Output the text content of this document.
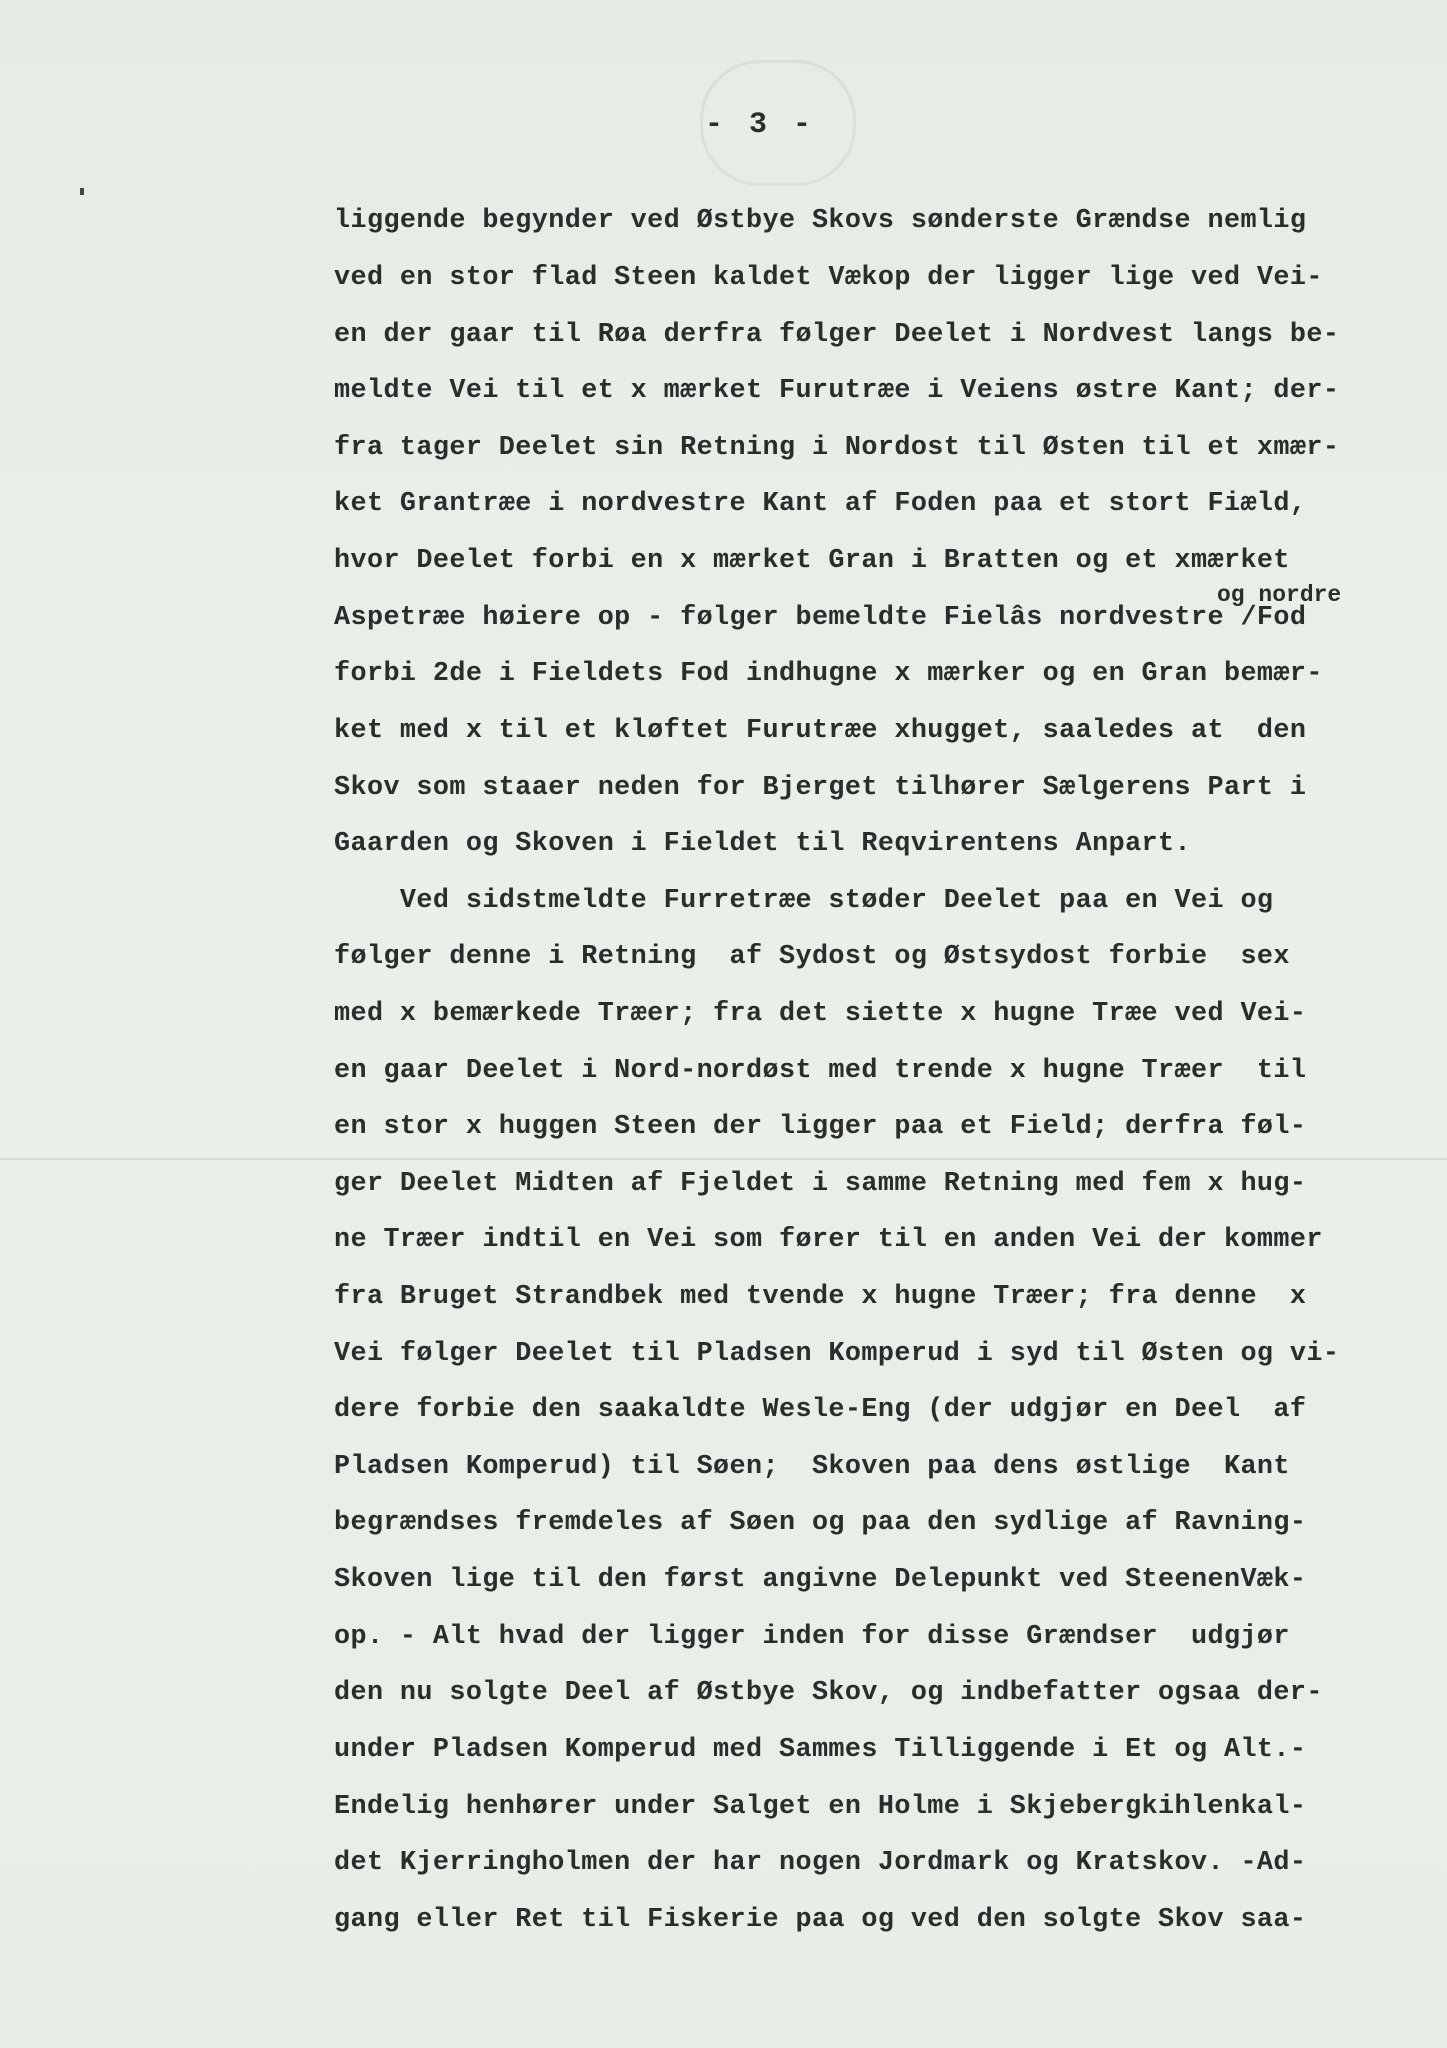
- 3 -
og nordre
liggende begynder ved Østbye Skovs sønderste Grændse nemlig
ved en stor flad Steen kaldet Vækop der ligger lige ved Vei-
en der gaar til Røa derfra følger Deelet i Nordvest langs be-
meldte Vei til et x mærket Furutræe i Veiens østre Kant; der-
fra tager Deelet sin Retning i Nordost til Østen til et xmær-
ket Grantræe i nordvestre Kant af Foden paa et stort Fiæld,
hvor Deelet forbi en x mærket Gran i Bratten og et xmærket
Aspetræe høiere op - følger bemeldte Fielâs nordvestre /Fod
forbi 2de i Fieldets Fod indhugne x mærker og en Gran bemær-
ket med x til et kløftet Furutræe xhugget, saaledes at  den
Skov som staaer neden for Bjerget tilhører Sælgerens Part i
Gaarden og Skoven i Fieldet til Reqvirentens Anpart.
Ved sidstmeldte Furretræe støder Deelet paa en Vei og
følger denne i Retning  af Sydost og Østsydost forbie  sex
med x bemærkede Træer; fra det siette x hugne Træe ved Vei-
en gaar Deelet i Nord-nordøst med trende x hugne Træer  til
en stor x huggen Steen der ligger paa et Field; derfra føl-
ger Deelet Midten af Fjeldet i samme Retning med fem x hug-
ne Træer indtil en Vei som fører til en anden Vei der kommer
fra Bruget Strandbek med tvende x hugne Træer; fra denne  x
Vei følger Deelet til Pladsen Komperud i syd til Østen og vi-
dere forbie den saakaldte Wesle-Eng (der udgjør en Deel  af
Pladsen Komperud) til Søen;  Skoven paa dens østlige  Kant
begrændses fremdeles af Søen og paa den sydlige af Ravning-
Skoven lige til den først angivne Delepunkt ved SteenenVæk-
op. - Alt hvad der ligger inden for disse Grændser  udgjør
den nu solgte Deel af Østbye Skov, og indbefatter ogsaa der-
under Pladsen Komperud med Sammes Tilliggende i Et og Alt.-
Endelig henhører under Salget en Holme i Skjebergkihlenkal-
det Kjerringholmen der har nogen Jordmark og Kratskov. -Ad-
gang eller Ret til Fiskerie paa og ved den solgte Skov saa-
